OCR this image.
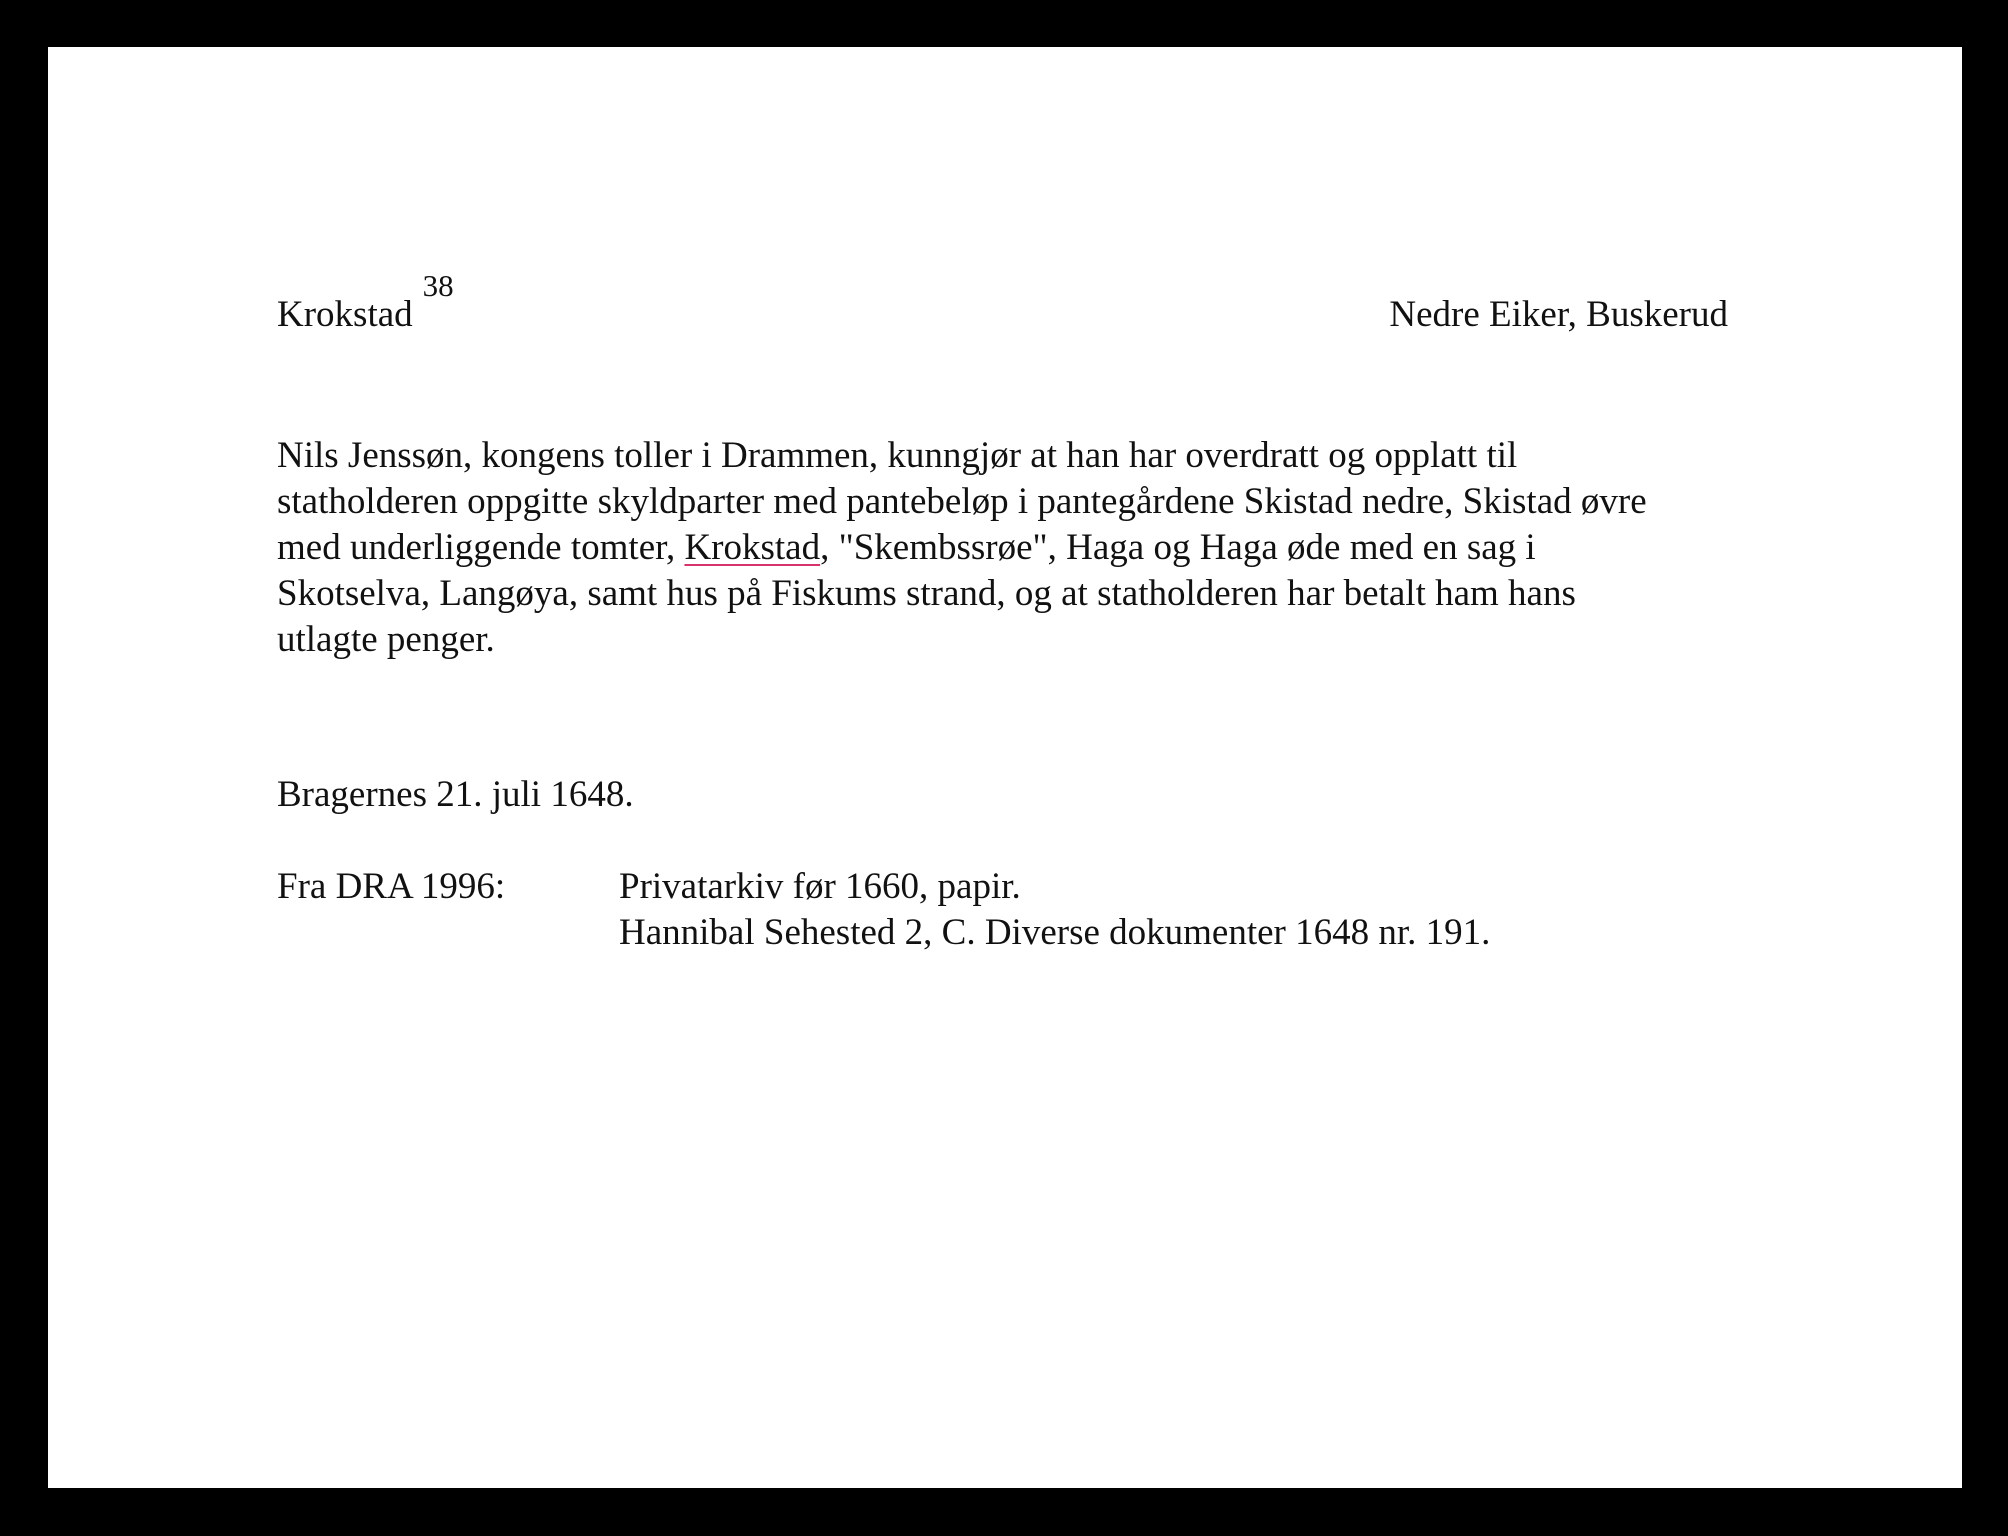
Krokstad$^{38}$
Nedre Eiker, Buskerud
Nils Jenssøn, kongens toller i Drammen, kunngjør at han har overdratt og opplatt til
statholderen oppgitte skyldparter med pantebeløp i pantegårdene Skistad nedre, Skistad øvre
med underliggende tomter, Krokstad, "Skembssrøe", Haga og Haga øde med en sag i
Skotselva, Langøya, samt hus på Fiskums strand, og at statholderen har betalt ham hans
utlagte penger.
Bragernes 21. juli 1648.
Fra DRA 1996:	Privatarkiv før 1660, papir.
Hannibal Sehested 2, C. Diverse dokumenter 1648 nr. 191.
